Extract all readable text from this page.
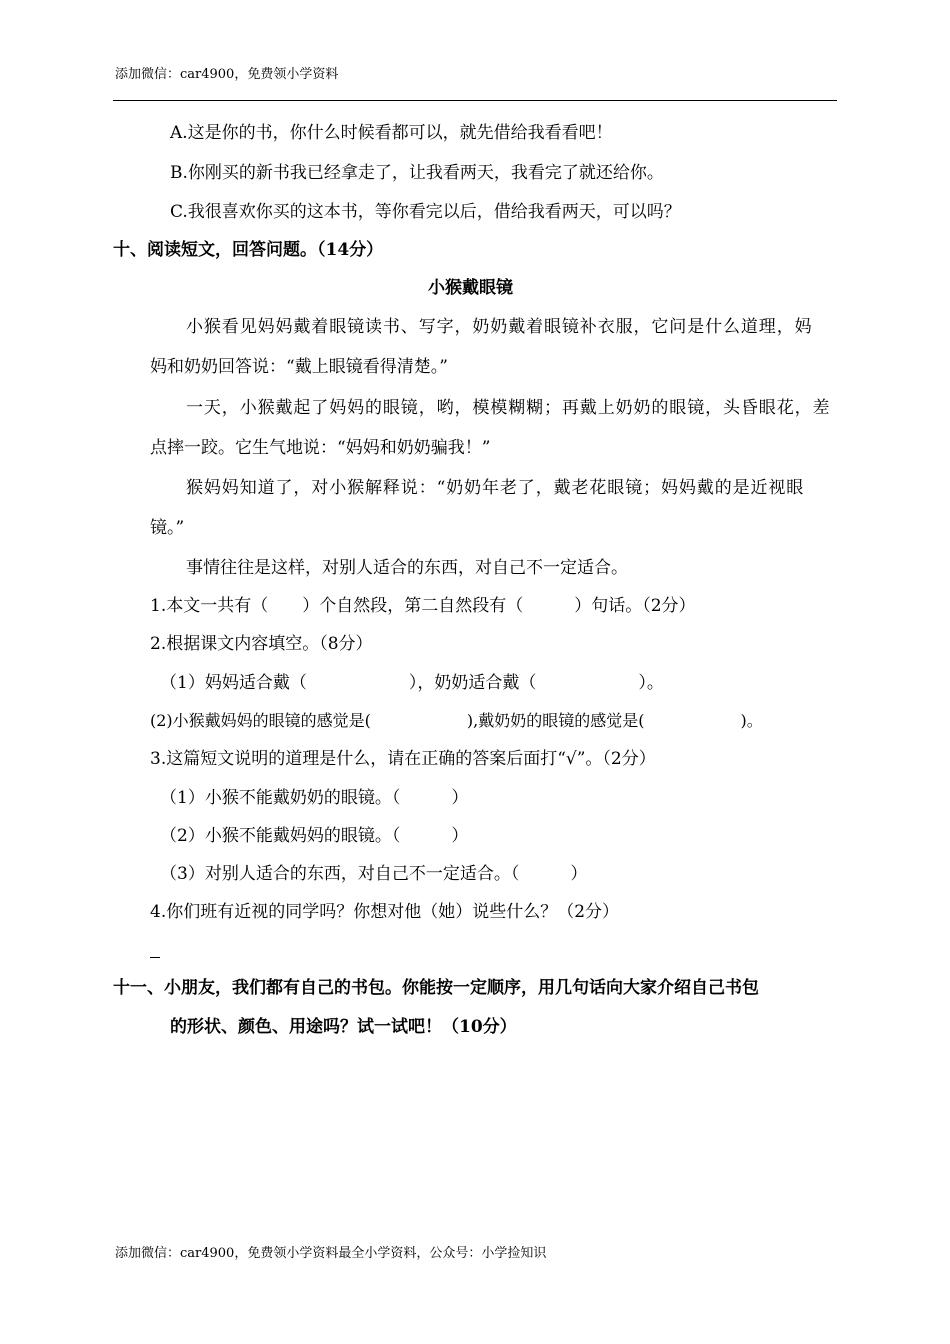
添加微信：car4900，免费领小学资料
A.这是你的书，你什么时候看都可以，就先借给我看看吧！
B.你刚买的新书我已经拿走了，让我看两天，我看完了就还给你。
C.我很喜欢你买的这本书，等你看完以后，借给我看两天，可以吗？
十、阅读短文，回答问题。（14分）
小猴戴眼镜
小猴看见妈妈戴着眼镜读书、写字，奶奶戴着眼镜补衣服，它问是什么道理，妈
妈和奶奶回答说：“戴上眼镜看得清楚。”
一天，小猴戴起了妈妈的眼镜，哟，模模糊糊；再戴上奶奶的眼镜，头昏眼花，差
点摔一跤。它生气地说：“妈妈和奶奶骗我！”
猴妈妈知道了，对小猴解释说：“奶奶年老了，戴老花眼镜；妈妈戴的是近视眼
镜。”
事情往往是这样，对别人适合的东西，对自己不一定适合。
1.本文一共有（　　）个自然段，第二自然段有（　　　）句话。（2分）
2.根据课文内容填空。（8分）
（1）妈妈适合戴（　　　　　　），奶奶适合戴（　　　　　　）。
(2)小猴戴妈妈的眼镜的感觉是(　　　　　　),戴奶奶的眼镜的感觉是(　　　　　　)。
3.这篇短文说明的道理是什么，请在正确的答案后面打“√”。（2分）
（1）小猴不能戴奶奶的眼镜。（　　　）
（2）小猴不能戴妈妈的眼镜。（　　　）
（3）对别人适合的东西，对自己不一定适合。（　　　）
4.你们班有近视的同学吗？你想对他（她）说些什么？（2分）
十一、小朋友，我们都有自己的书包。你能按一定顺序，用几句话向大家介绍自己书包
的形状、颜色、用途吗？试一试吧！（10分）
添加微信：car4900，免费领小学资料最全小学资料，公众号：小学捡知识
